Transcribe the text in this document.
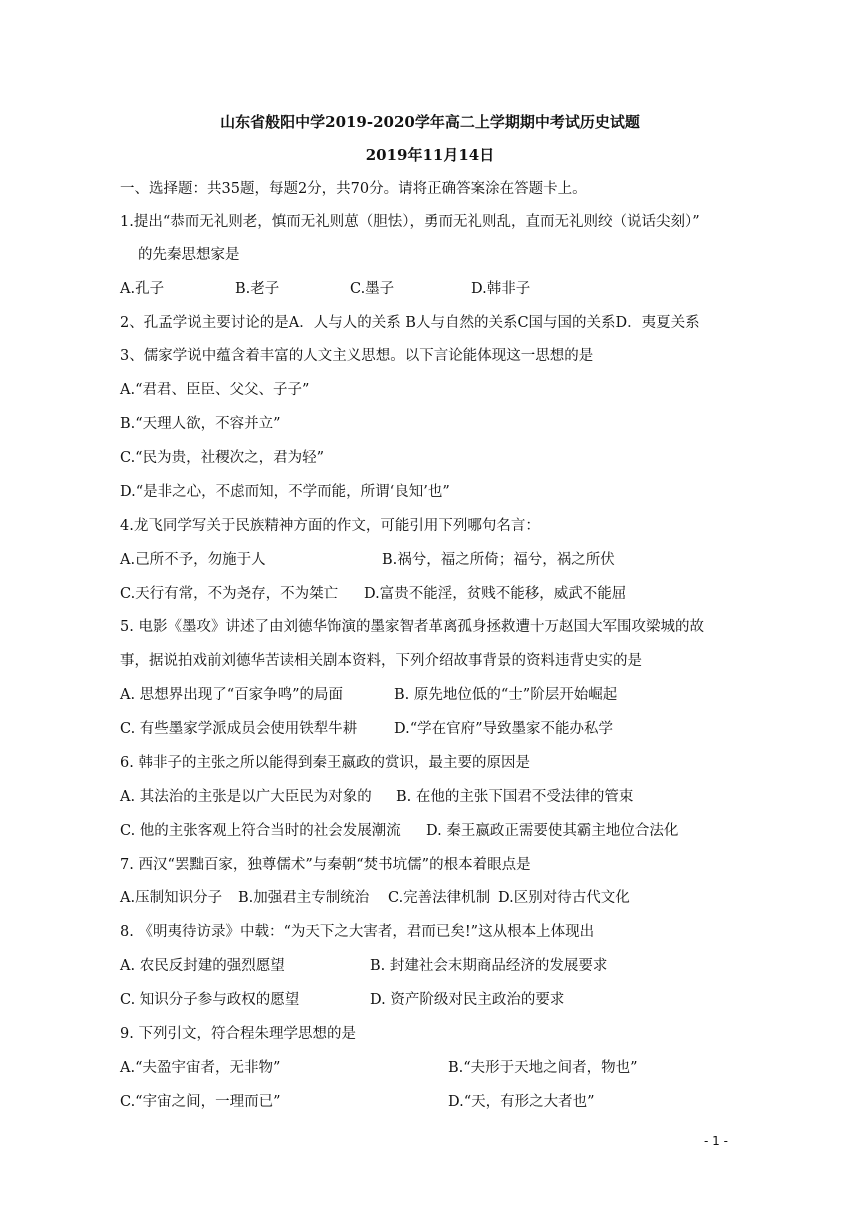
山东省般阳中学2019-2020学年高二上学期期中考试历史试题
2019年11月14日
一、选择题：共35题，每题2分，共70分。请将正确答案涂在答题卡上。
1.提出“恭而无礼则老，慎而无礼则葸（胆怯），勇而无礼则乱，直而无礼则绞（说话尖刻）”
的先秦思想家是
A.孔子	B.老子	C.墨子	D.韩非子
2、孔孟学说主要讨论的是A．人与人的关系 B人与自然的关系C国与国的关系D．夷夏关系
3、儒家学说中蕴含着丰富的人文主义思想。以下言论能体现这一思想的是
A.“君君、臣臣、父父、子子”
B.“天理人欲，不容并立”
C.“民为贵，社稷次之，君为轻”
D.“是非之心，不虑而知，不学而能，所谓‘良知’也”
4.龙飞同学写关于民族精神方面的作文，可能引用下列哪句名言：
A.己所不予，勿施于人	B.祸兮，福之所倚；福兮，祸之所伏
C.天行有常，不为尧存，不为桀亡	D.富贵不能淫，贫贱不能移，威武不能屈
5. 电影《墨攻》讲述了由刘德华饰演的墨家智者革离孤身拯救遭十万赵国大军围攻梁城的故
事，据说拍戏前刘德华苦读相关剧本资料，下列介绍故事背景的资料违背史实的是
A. 思想界出现了“百家争鸣”的局面	B. 原先地位低的“士”阶层开始崛起
C. 有些墨家学派成员会使用铁犁牛耕	D.“学在官府”导致墨家不能办私学
6. 韩非子的主张之所以能得到秦王嬴政的赏识，最主要的原因是
A. 其法治的主张是以广大臣民为对象的	B. 在他的主张下国君不受法律的管束
C. 他的主张客观上符合当时的社会发展潮流	D. 秦王嬴政正需要使其霸主地位合法化
7. 西汉“罢黜百家，独尊儒术”与秦朝“焚书坑儒”的根本着眼点是
A.压制知识分子	B.加强君主专制统治	C.完善法律机制 D.区别对待古代文化
8. 《明夷待访录》中载：“为天下之大害者，君而已矣!”这从根本上体现出
A. 农民反封建的强烈愿望	B. 封建社会末期商品经济的发展要求
C. 知识分子参与政权的愿望	D. 资产阶级对民主政治的要求
9. 下列引文，符合程朱理学思想的是
A.“夫盈宇宙者，无非物”	B.“夫形于天地之间者，物也”
C.“宇宙之间，一理而已”	D.“天，有形之大者也”
- 1 -
